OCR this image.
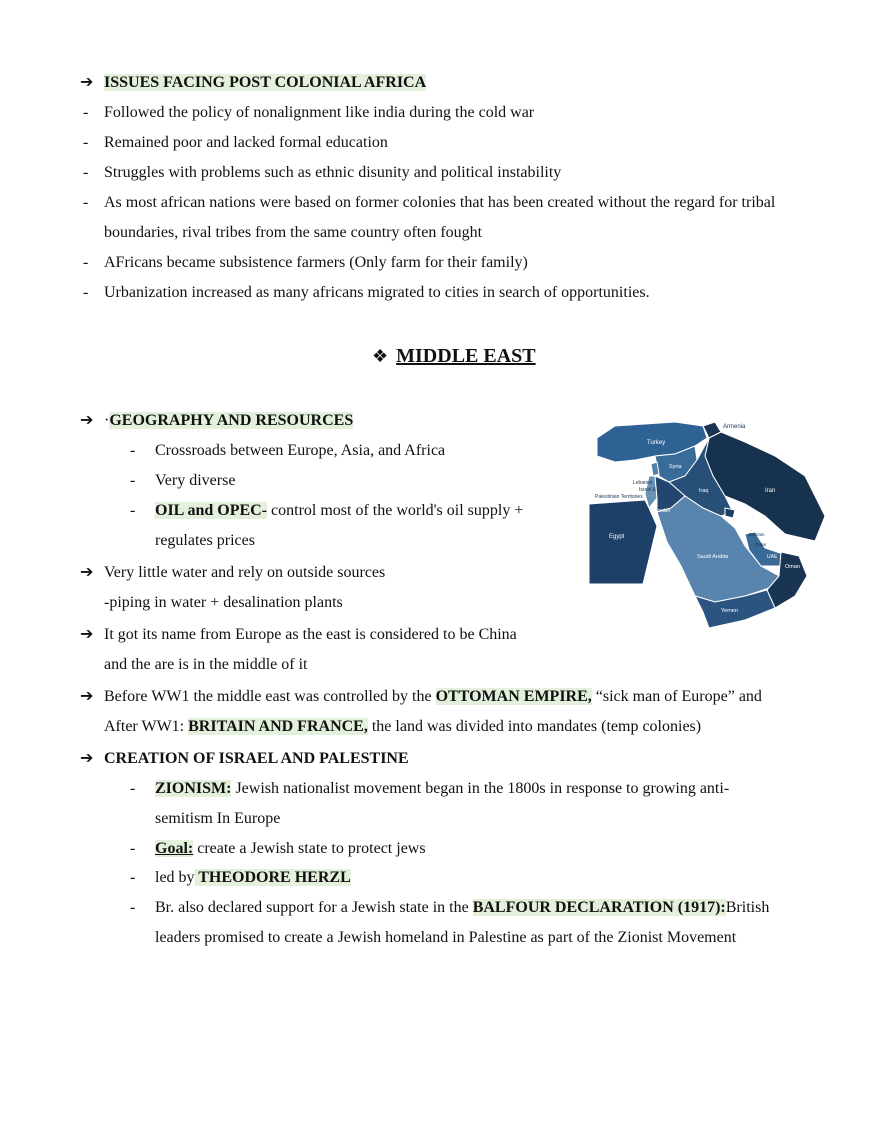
➔ ISSUES FACING POST COLONIAL AFRICA
- Followed the policy of nonalignment like india during the cold war
- Remained poor and lacked formal education
- Struggles with problems such as ethnic disunity and political instability
- As most african nations were based on former colonies that has been created without the regard for tribal
boundaries, rival tribes from the same country often fought
- AFricans became subsistence farmers (Only farm for their family)
- Urbanization increased as many africans migrated to cities in search of opportunities.
❖ MIDDLE EAST
➔ ·GEOGRAPHY AND RESOURCES
- Crossroads between Europe, Asia, and Africa
- Very diverse
- OIL and OPEC- control most of the world's oil supply +
regulates prices
➔ Very little water and rely on outside sources
-piping in water + desalination plants
➔ It got its name from Europe as the east is considered to be China
and the are is in the middle of it
➔ Before WW1 the middle east was controlled by the OTTOMAN EMPIRE, “sick man of Europe” and
After WW1: BRITAIN AND FRANCE, the land was divided into mandates (temp colonies)
➔ CREATION OF ISRAEL AND PALESTINE
- ZIONISM: Jewish nationalist movement began in the 1800s in response to growing anti-
semitism In Europe
- Goal: create a Jewish state to protect jews
- led by THEODORE HERZL
- Br. also declared support for a Jewish state in the BALFOUR DECLARATION (1917):British
leaders promised to create a Jewish homeland in Palestine as part of the Zionist Movement
Armenia
Turkey
Syria
Lebanon
Israel &
Palestinian Territories
Iraq	Iran
Jordan
Egypt
Kuwait
Bahrain
Qatar
UAE
Saudi Arabia
Oman
Yemen
